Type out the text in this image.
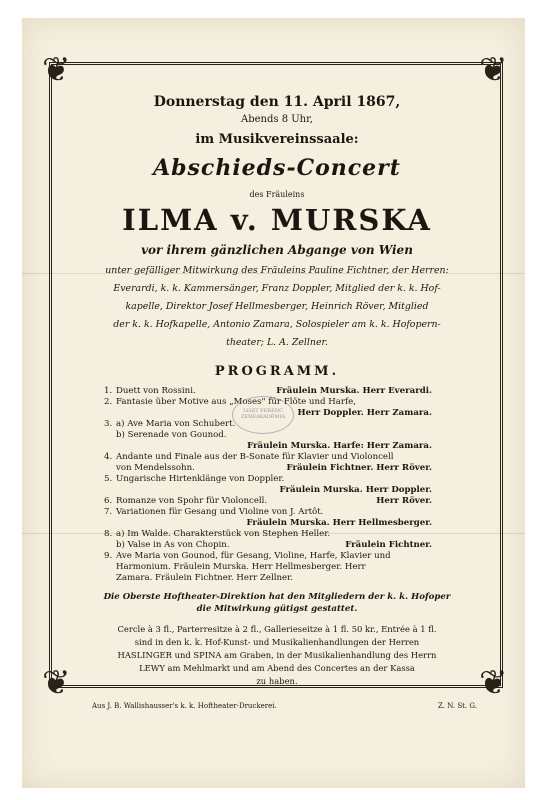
❦	❦
❦	❦
Donnerstag den 11. April 1867,
Abends 8 Uhr,
im Musikvereinssaale:
Abschieds-Concert
des Fräuleins
ILMA v. MURSKA
vor ihrem gänzlichen Abgange von Wien
unter gefälliger Mitwirkung des Fräuleins Pauline Fichtner, der Herren:
Everardi, k. k. Kammersänger, Franz Doppler, Mitglied der k. k. Hof-
kapelle, Direktor Josef Hellmesberger, Heinrich Röver, Mitglied
der k. k. Hofkapelle, Antonio Zamara, Solospieler am k. k. Hofopern-
theater; L. A. Zellner.
PROGRAMM.
1. Duett von Rossini.	Fräulein Murska. Herr Everardi.
2. Fantasie über Motive aus „Moses" für Flöte und Harfe,
Herr Doppler. Herr Zamara.
3. a) Ave Maria von Schubert.
b) Serenade von Gounod.
Fräulein Murska. Harfe: Herr Zamara.
4. Andante und Finale aus der B-Sonate für Klavier und Violoncell
von Mendelssohn.	Fräulein Fichtner. Herr Röver.
5. Ungarische Hirtenklänge von Doppler.
Fräulein Murska. Herr Doppler.
6. Romanze von Spohr für Violoncell.	Herr Röver.
7. Variationen für Gesang und Violine von J. Artôt.
Fräulein Murska. Herr Hellmesberger.
8. a) Im Walde. Charakterstück von Stephen Heller.
b) Valse in As von Chopin.	Fräulein Fichtner.
9. Ave Maria von Gounod, für Gesang, Violine, Harfe, Klavier und
Harmonium. Fräulein Murska. Herr Hellmesberger. Herr
Zamara. Fräulein Fichtner. Herr Zellner.
Die Oberste Hoftheater-Direktion hat den Mitgliedern der k. k. Hofoper
die Mitwirkung gütigst gestattet.
Cercle à 3 fl., Parterresitze à 2 fl., Gallerieseitze à 1 fl. 50 kr., Entrée à 1 fl.
sind in den k. k. Hof-Kunst- und Musikalienhandlungen der Herren
HASLINGER und SPINA am Graben, in der Musikalienhandlung des Herrn
LEWY am Mehlmarkt und am Abend des Concertes an der Kassa
zu haben.
Aus J. B. Wallishausser's k. k. Hoftheater-Druckerei.	Z. N. St. G.
LISZT FERENC ZENEAKADÉMIA
